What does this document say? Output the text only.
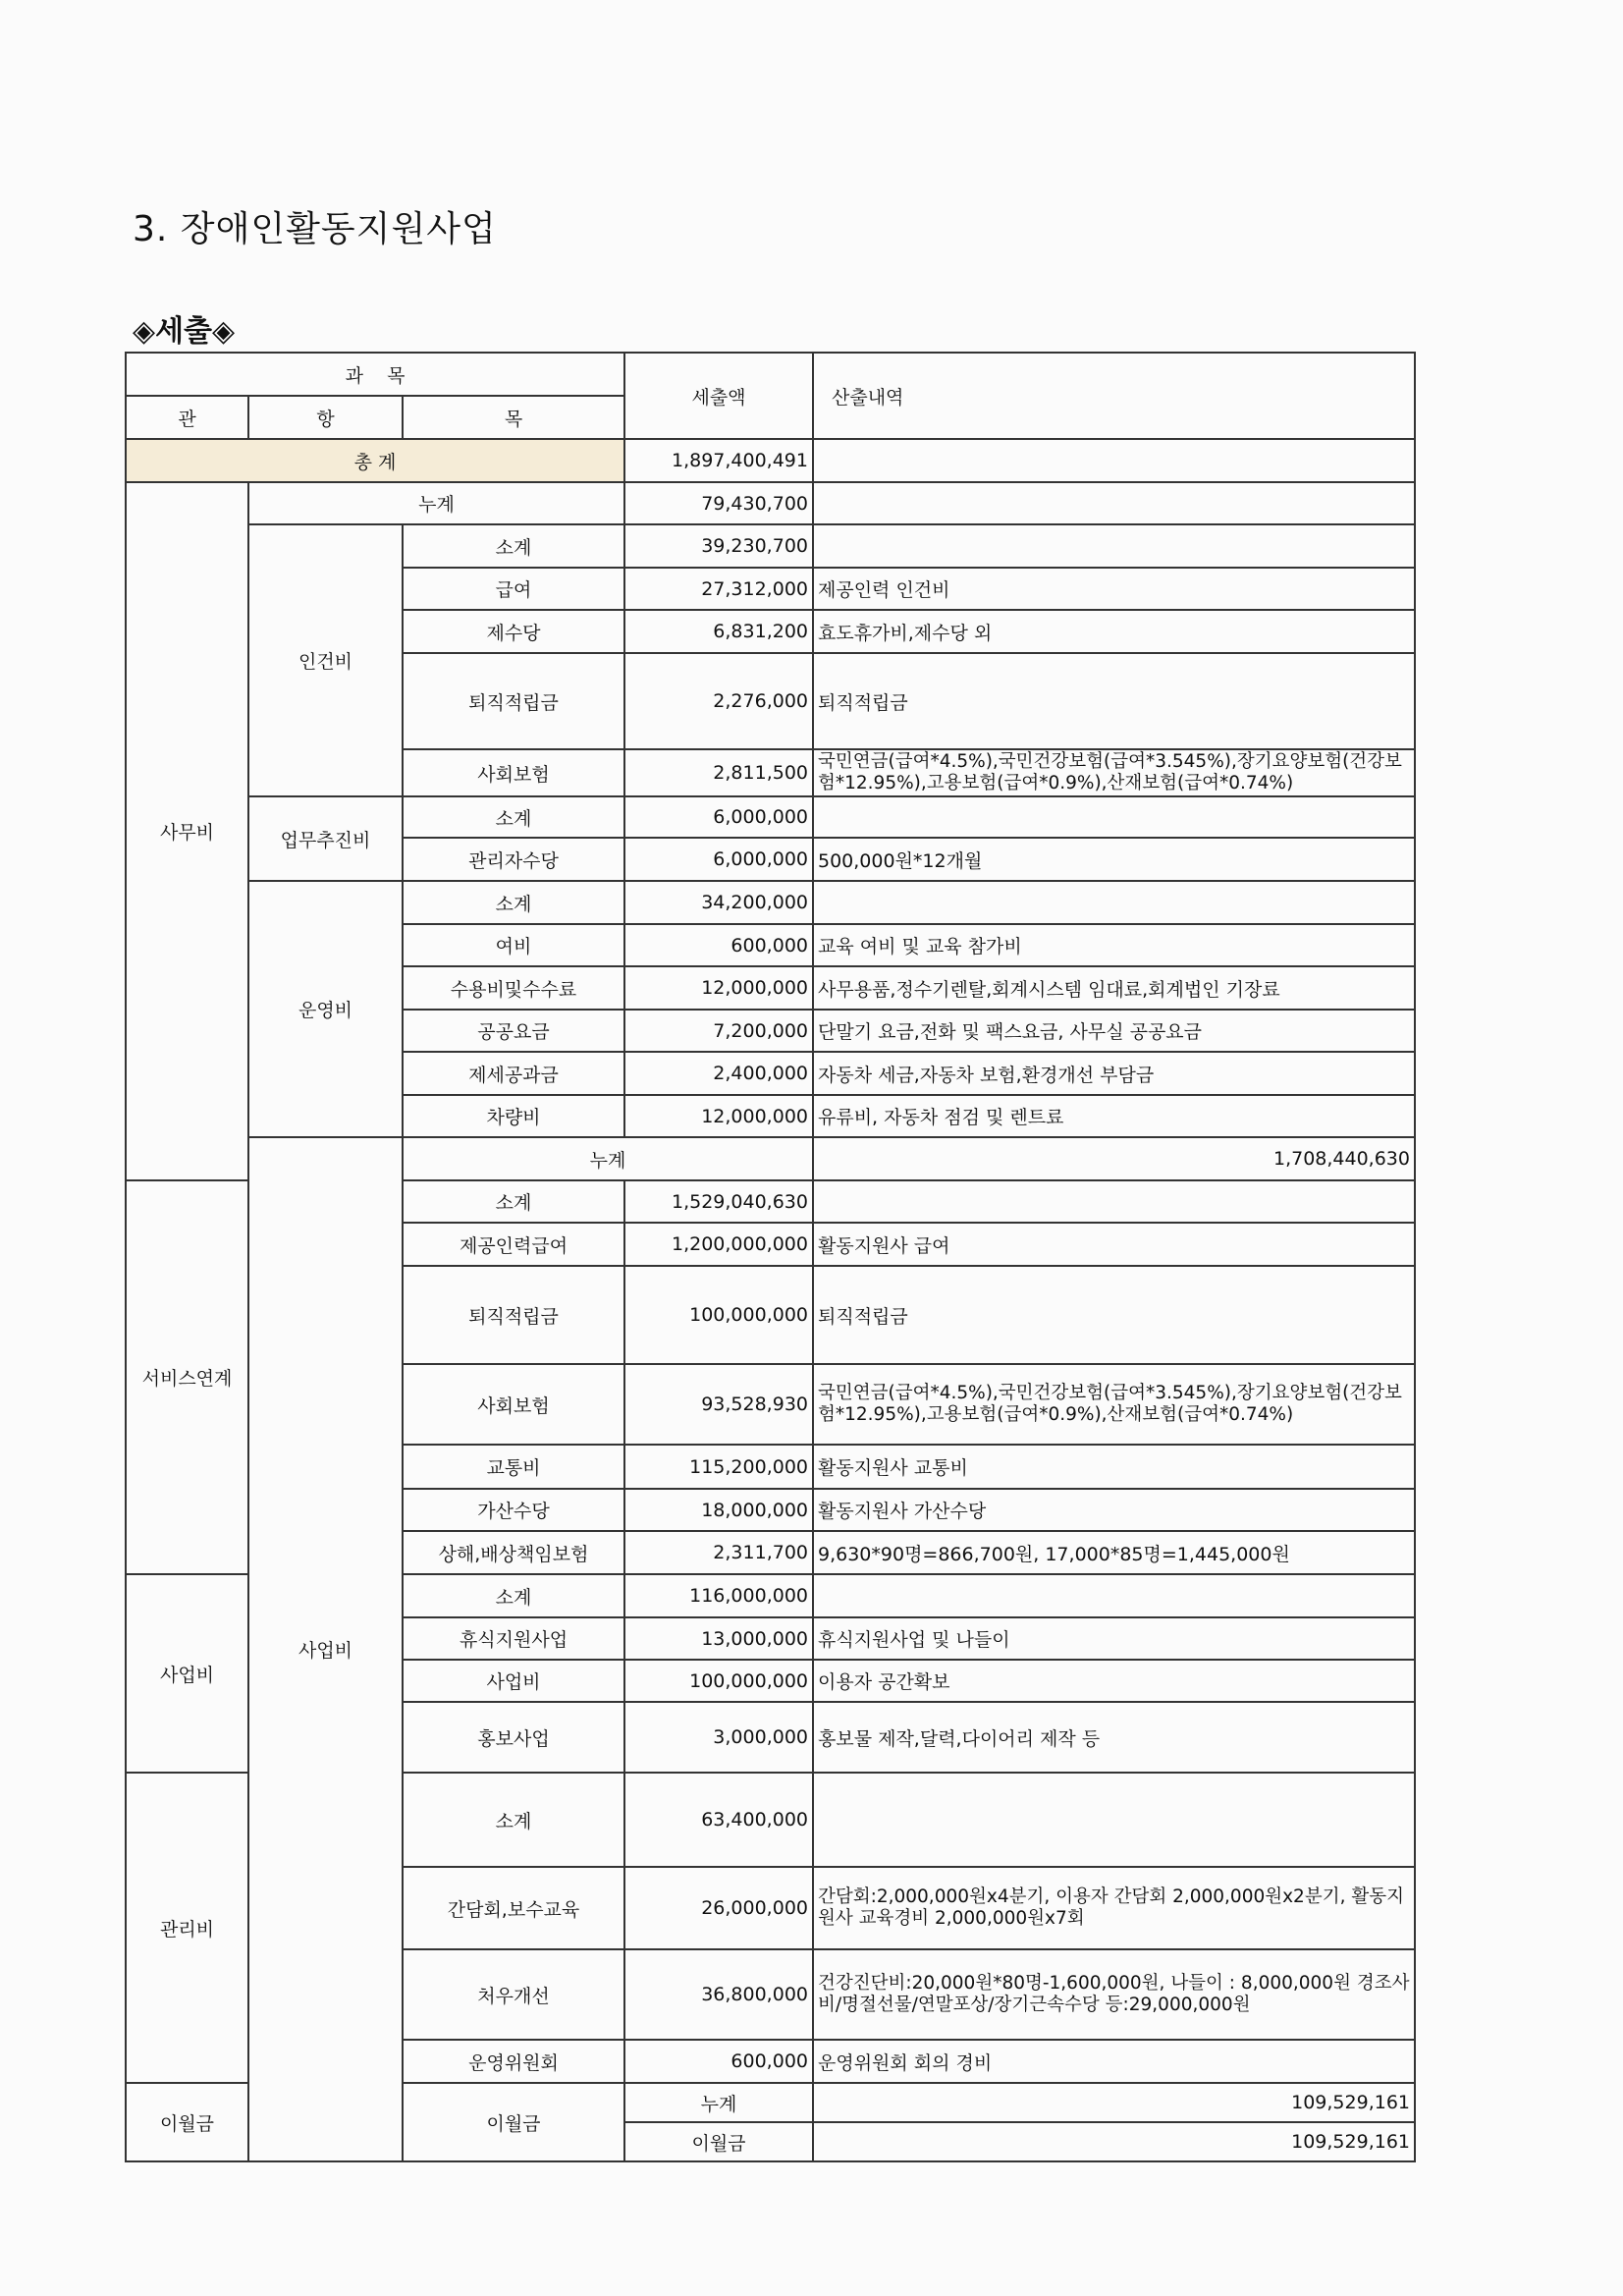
3. 장애인활동지원사업
◈세출◈
과    목			세출액	산출내역	
관	항	목			
총 계			1,897,400,491		
사무비	누계		79,430,700		
	인건비	소계	39,230,700		
		급여	27,312,000	제공인력 인건비	
		제수당	6,831,200	효도휴가비,제수당 외	
		퇴직적립금	2,276,000	퇴직적립금	
		사회보험	2,811,500	국민연금(급여*4.5%),국민건강보험(급여*3.545%),장기요양보험(건강보험*12.95%),고용보험(급여*0.9%),산재보험(급여*0.74%)	
	업무추진비	소계	6,000,000		
		관리자수당	6,000,000	500,000원*12개월	
	운영비	소계	34,200,000		
		여비	600,000	교육 여비 및 교육 참가비	
		수용비및수수료	12,000,000	사무용품,정수기렌탈,회계시스템 임대료,회계법인 기장료	
		공공요금	7,200,000	단말기 요금,전화 및 팩스요금, 사무실 공공요금	
		제세공과금	2,400,000	자동차 세금,자동차 보험,환경개선 부담금	
		차량비	12,000,000	유류비, 자동차 점검 및 렌트료	
	사업비	누계		1,708,440,630	
서비스연계		소계	1,529,040,630		
		제공인력급여	1,200,000,000	활동지원사 급여	
		퇴직적립금	100,000,000	퇴직적립금	
		사회보험	93,528,930	국민연금(급여*4.5%),국민건강보험(급여*3.545%),장기요양보험(건강보험*12.95%),고용보험(급여*0.9%),산재보험(급여*0.74%)	
		교통비	115,200,000	활동지원사 교통비	
		가산수당	18,000,000	활동지원사 가산수당	
		상해,배상책임보험	2,311,700	9,630*90명=866,700원, 17,000*85명=1,445,000원	
사업비		소계	116,000,000		
		휴식지원사업	13,000,000	휴식지원사업 및 나들이	
		사업비	100,000,000	이용자 공간확보	
		홍보사업	3,000,000	홍보물 제작,달력,다이어리 제작 등	
관리비		소계	63,400,000		
		간담회,보수교육	26,000,000	간담회:2,000,000원x4분기, 이용자 간담회 2,000,000원x2분기, 활동지원사 교육경비 2,000,000원x7회	
		처우개선	36,800,000	건강진단비:20,000원*80명-1,600,000원, 나들이 : 8,000,000원 경조사비/명절선물/연말포상/장기근속수당 등:29,000,000원	
		운영위원회	600,000	운영위원회 회의 경비	
이월금		이월금	누계	109,529,161	
			이월금	109,529,161	
